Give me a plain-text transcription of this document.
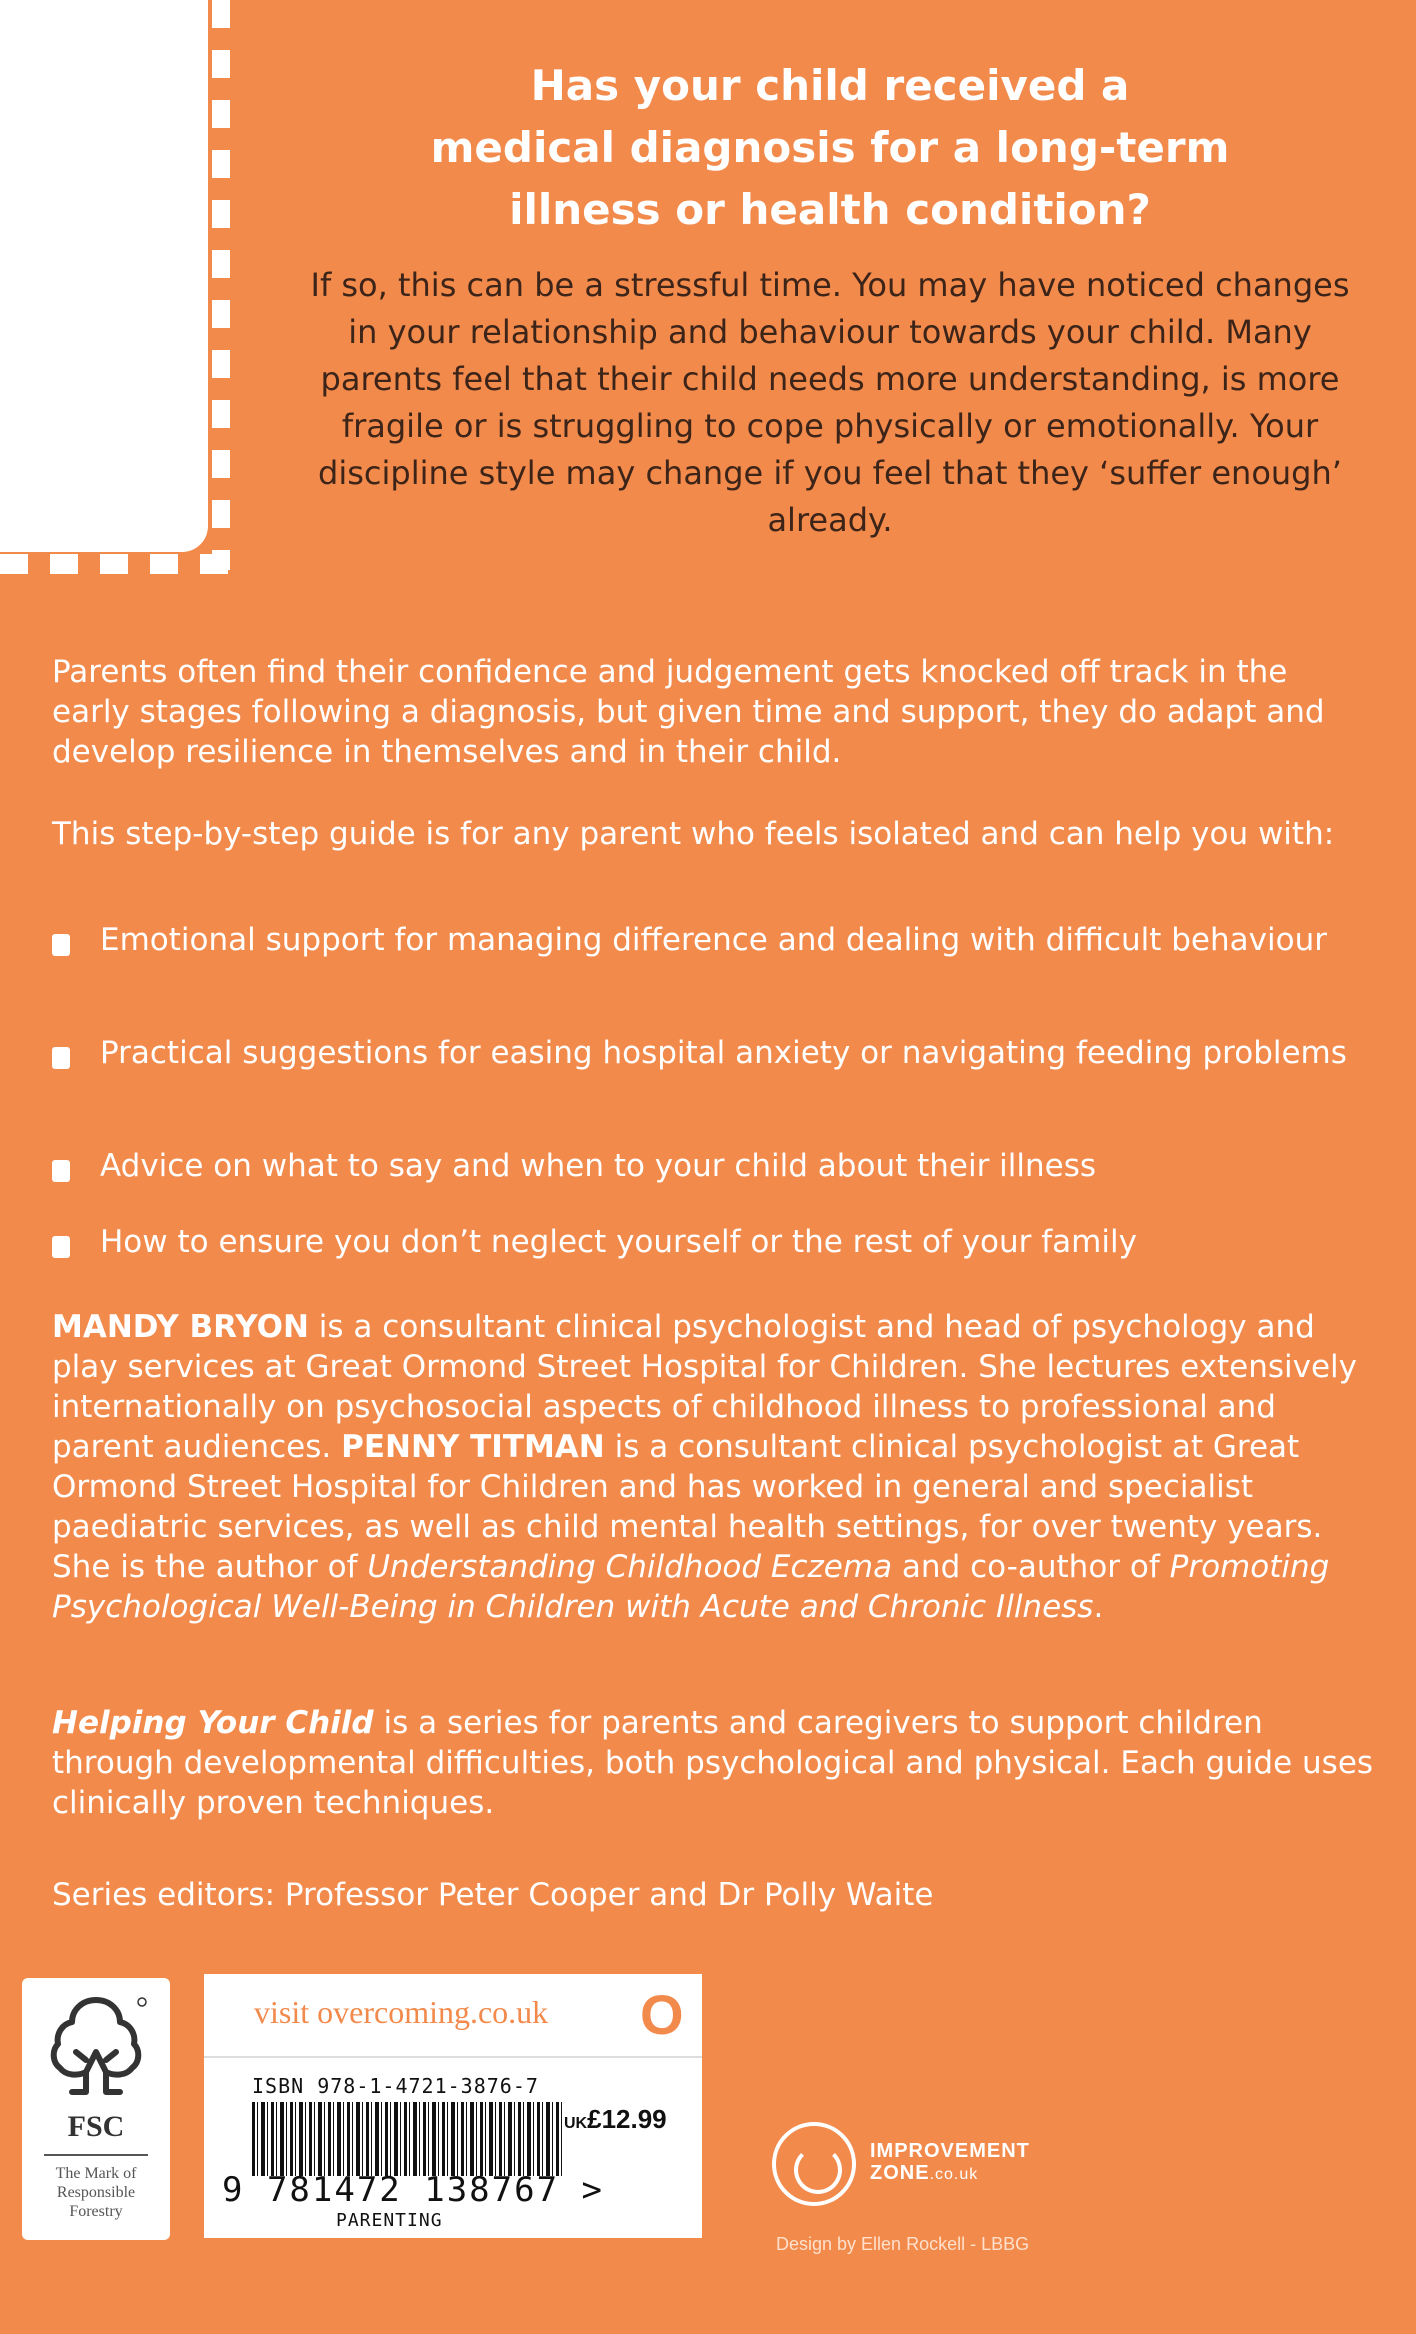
Has your child received a
medical diagnosis for a long-term
illness or health condition?

If so, this can be a stressful time. You may have noticed changes in your relationship and behaviour towards your child. Many parents feel that their child needs more understanding, is more fragile or is struggling to cope physically or emotionally. Your discipline style may change if you feel that they ‘suffer enough’ already.

Parents often find their confidence and judgement gets knocked off track in the early stages following a diagnosis, but given time and support, they do adapt and develop resilience in themselves and in their child.

This step-by-step guide is for any parent who feels isolated and can help you with:

Emotional support for managing difference and dealing with difficult behaviour
Practical suggestions for easing hospital anxiety or navigating feeding problems
Advice on what to say and when to your child about their illness
How to ensure you don’t neglect yourself or the rest of your family

MANDY BRYON is a consultant clinical psychologist and head of psychology and play services at Great Ormond Street Hospital for Children. She lectures extensively internationally on psychosocial aspects of childhood illness to professional and parent audiences. PENNY TITMAN is a consultant clinical psychologist at Great Ormond Street Hospital for Children and has worked in general and specialist paediatric services, as well as child mental health settings, for over twenty years. She is the author of Understanding Childhood Eczema and co-author of Promoting Psychological Well-Being in Children with Acute and Chronic Illness.

Helping Your Child is a series for parents and caregivers to support children through developmental difficulties, both psychological and physical. Each guide uses clinically proven techniques.

Series editors: Professor Peter Cooper and Dr Polly Waite

FSC
The Mark of Responsible Forestry
visit overcoming.co.uk O
ISBN 978-1-4721-3876-7
UK£12.99
9 781472 138767 >
PARENTING
IMPROVEMENT
ZONE.co.uk
Design by Ellen Rockell - LBBG
